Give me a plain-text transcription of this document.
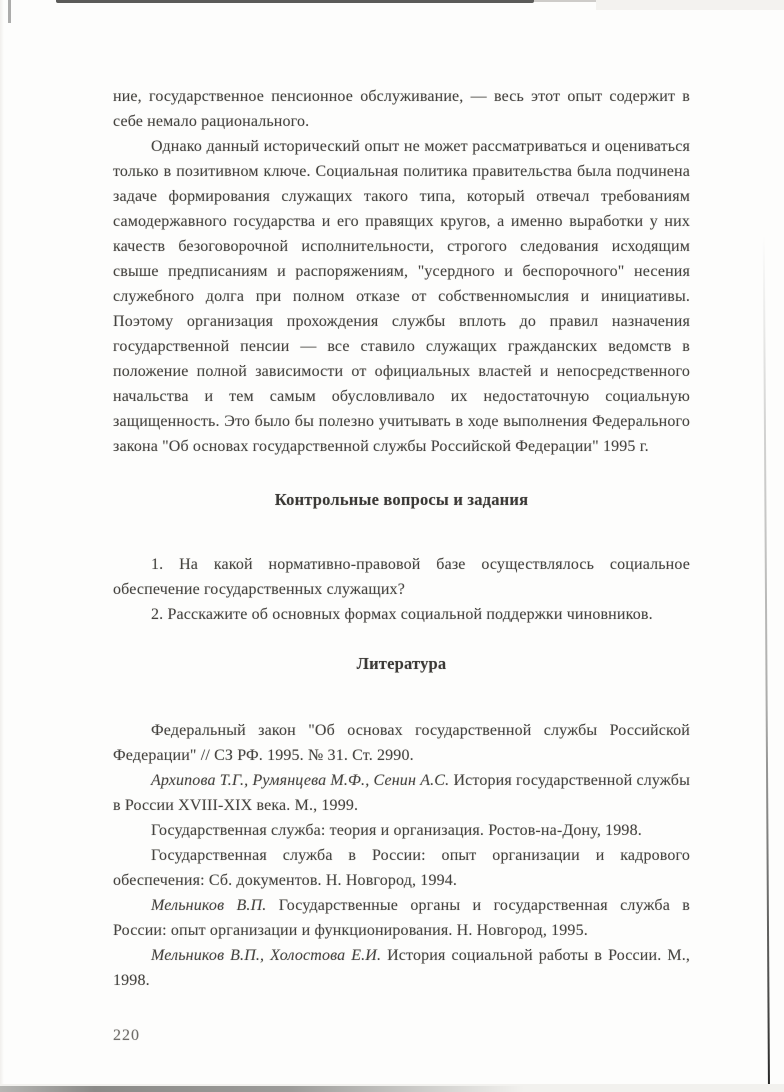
ние, государственное пенсионное обслуживание, — весь этот опыт содержит в себе немало рационального.

Однако данный исторический опыт не может рассматриваться и оцениваться только в позитивном ключе. Социальная политика правительства была подчинена задаче формирования служащих такого типа, который отвечал требованиям самодержавного государства и его правящих кругов, а именно выработки у них качеств безоговорочной исполнительности, строгого следования исходящим свыше предписаниям и распоряжениям, "усердного и беспорочного" несения служебного долга при полном отказе от собственномыслия и инициативы. Поэтому организация прохождения службы вплоть до правил назначения государственной пенсии — все ставило служащих гражданских ведомств в положение полной зависимости от официальных властей и непосредственного начальства и тем самым обусловливало их недостаточную социальную защищенность. Это было бы полезно учитывать в ходе выполнения Федерального закона "Об основах государственной службы Российской Федерации" 1995 г.

Контрольные вопросы и задания

1. На какой нормативно-правовой базе осуществлялось социальное обеспечение государственных служащих?

2. Расскажите об основных формах социальной поддержки чиновников.

Литература

Федеральный закон "Об основах государственной службы Российской Федерации" // СЗ РФ. 1995. № 31. Ст. 2990.

Архипова Т.Г., Румянцева М.Ф., Сенин А.С. История государственной службы в России XVIII-XIX века. М., 1999.

Государственная служба: теория и организация. Ростов-на-Дону, 1998.

Государственная служба в России: опыт организации и кадрового обеспечения: Сб. документов. Н. Новгород, 1994.

Мельников В.П. Государственные органы и государственная служба в России: опыт организации и функционирования. Н. Новгород, 1995.

Мельников В.П., Холостова Е.И. История социальной работы в России. М., 1998.

220
